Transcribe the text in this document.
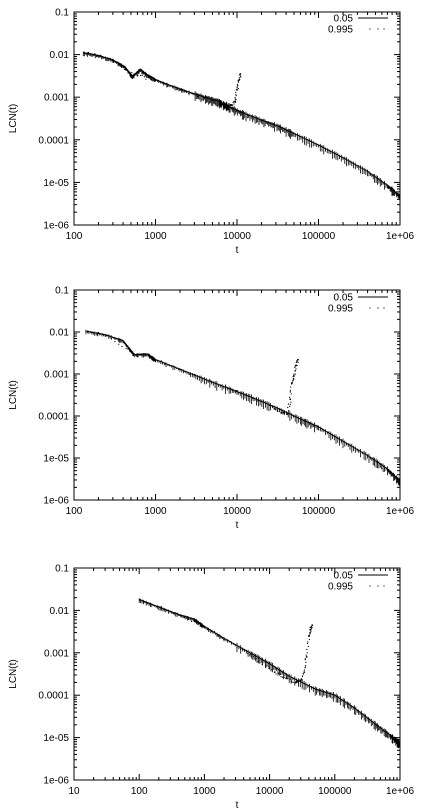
100	1000	10000	100000	1e+06
1e-06
1e-05
0.0001
0.001
0.01
0.1
t
LCN(t)
0.05
0.995
100	1000	10000	100000	1e+06
1e-06
1e-05
0.0001
0.001
0.01
0.1
t
LCN(t)
0.05
0.995
10	100	1000	10000	100000	1e+06
1e-06
1e-05
0.0001
0.001
0.01
0.1
t
LCN(t)
0.05
0.995
